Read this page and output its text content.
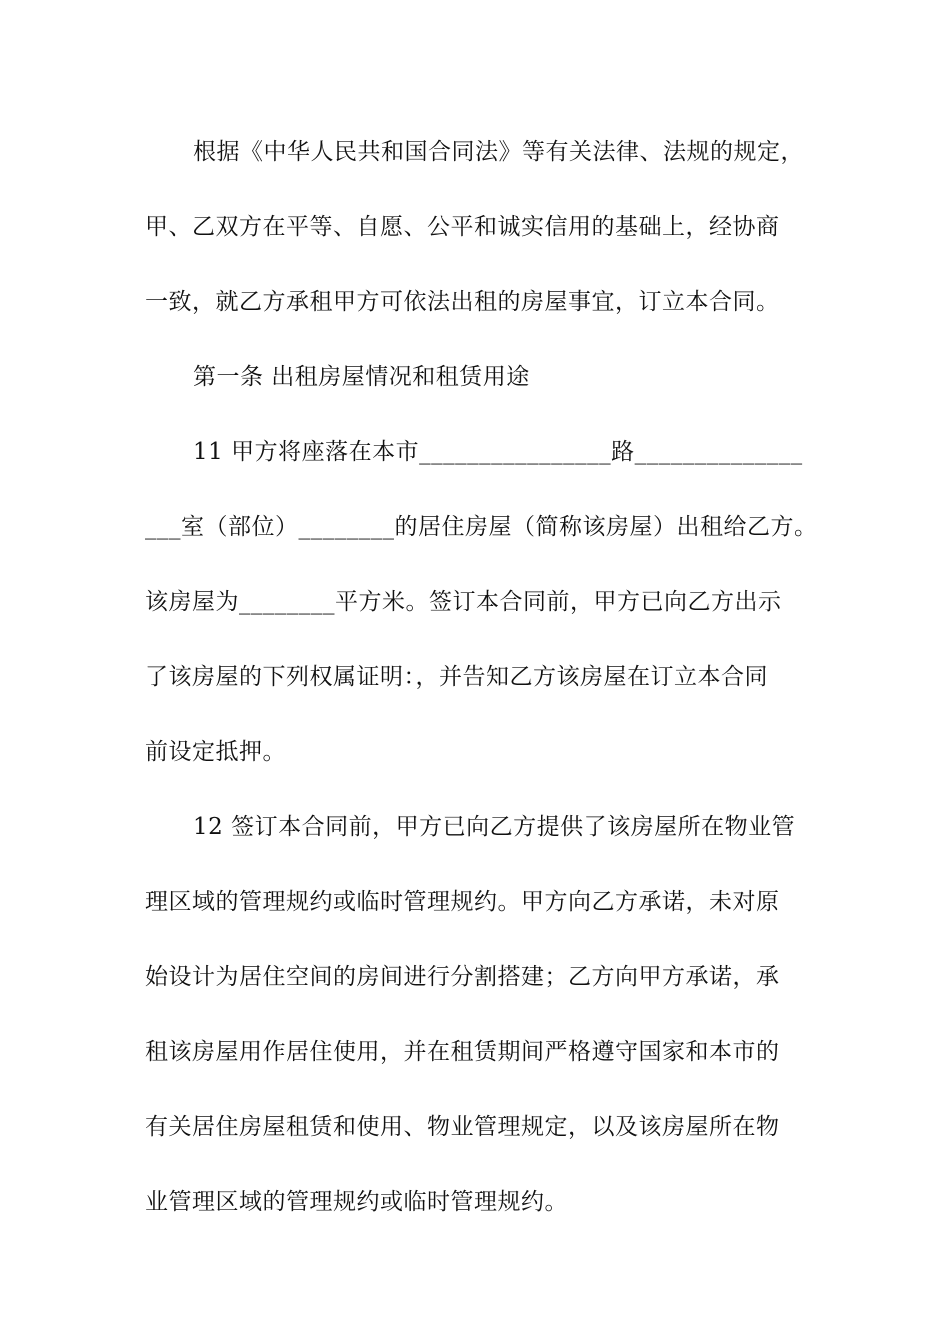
根据《中华人民共和国合同法》等有关法律、法规的规定，
甲、乙双方在平等、自愿、公平和诚实信用的基础上，经协商
一致，就乙方承租甲方可依法出租的房屋事宜，订立本合同。
第一条 出租房屋情况和租赁用途
11 甲方将座落在本市________________路______________
___室（部位）________的居住房屋（简称该房屋）出租给乙方。
该房屋为________平方米。签订本合同前，甲方已向乙方出示
了该房屋的下列权属证明：，并告知乙方该房屋在订立本合同
前设定抵押。
12 签订本合同前，甲方已向乙方提供了该房屋所在物业管
理区域的管理规约或临时管理规约。甲方向乙方承诺，未对原
始设计为居住空间的房间进行分割搭建；乙方向甲方承诺，承
租该房屋用作居住使用，并在租赁期间严格遵守国家和本市的
有关居住房屋租赁和使用、物业管理规定，以及该房屋所在物
业管理区域的管理规约或临时管理规约。
